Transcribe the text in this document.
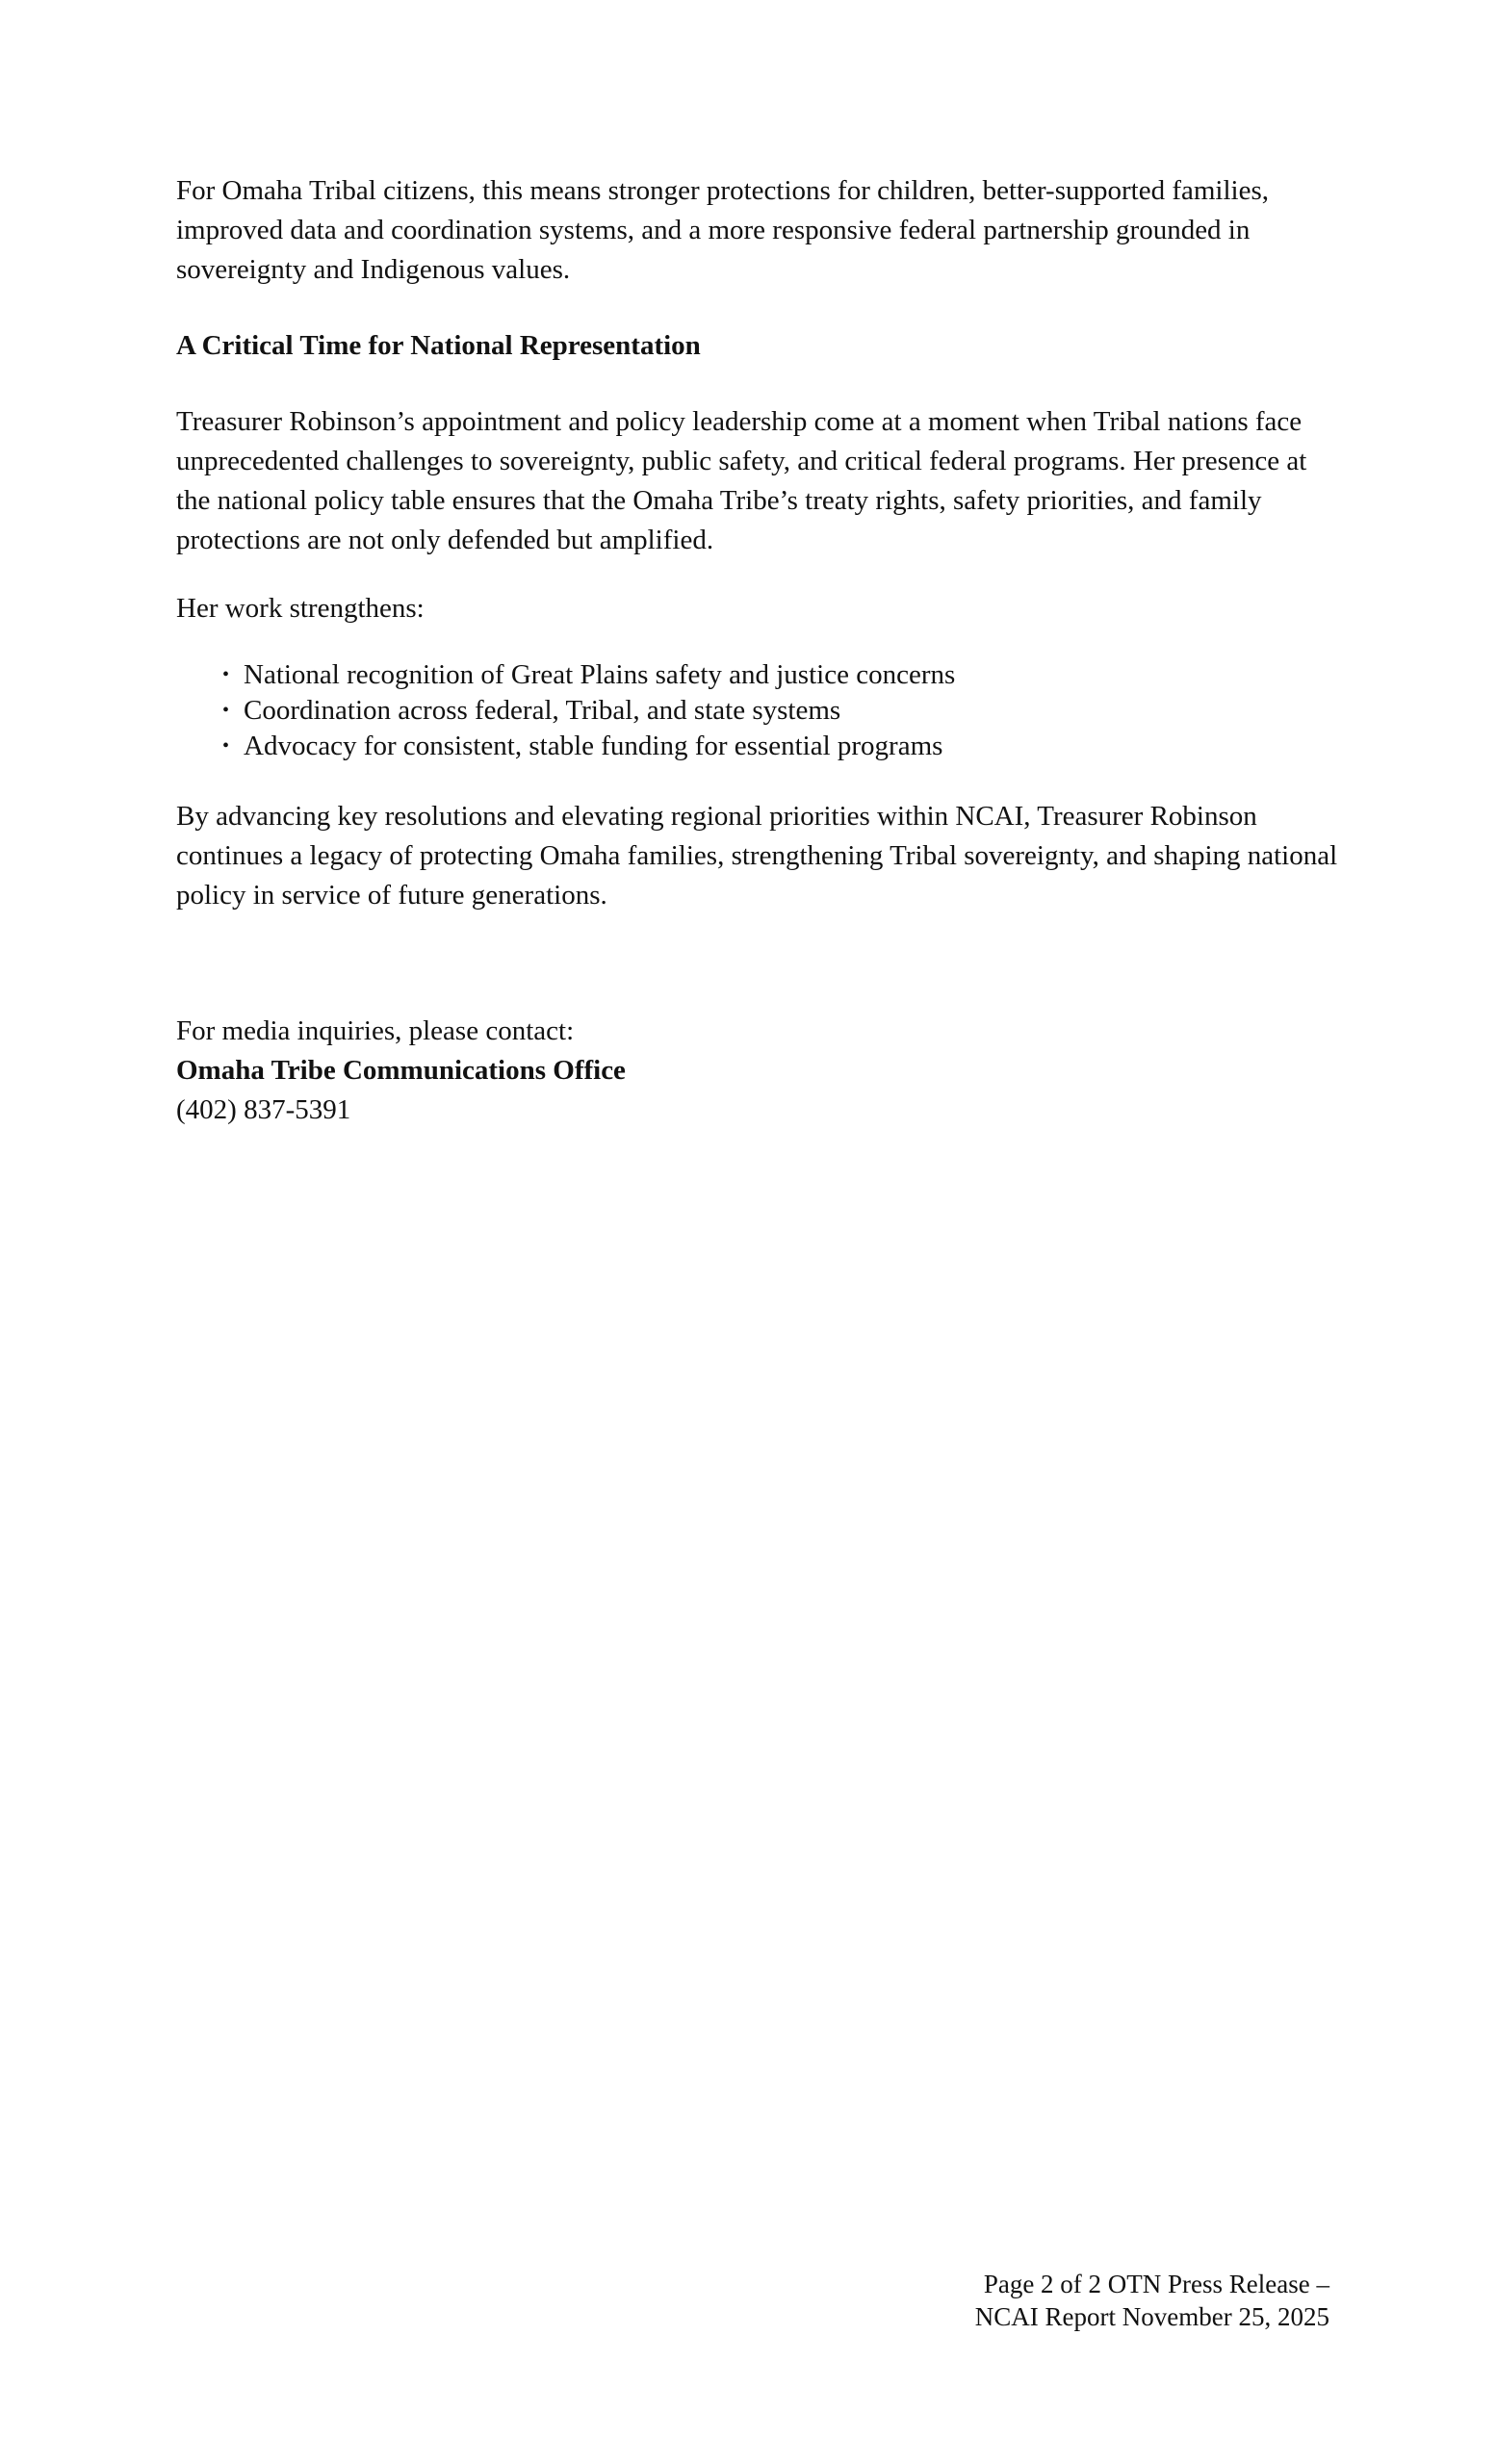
For Omaha Tribal citizens, this means stronger protections for children, better-supported families, improved data and coordination systems, and a more responsive federal partnership grounded in sovereignty and Indigenous values.

A Critical Time for National Representation

Treasurer Robinson’s appointment and policy leadership come at a moment when Tribal nations face unprecedented challenges to sovereignty, public safety, and critical federal programs. Her presence at the national policy table ensures that the Omaha Tribe’s treaty rights, safety priorities, and family protections are not only defended but amplified.

Her work strengthens:

• National recognition of Great Plains safety and justice concerns
• Coordination across federal, Tribal, and state systems
• Advocacy for consistent, stable funding for essential programs

By advancing key resolutions and elevating regional priorities within NCAI, Treasurer Robinson continues a legacy of protecting Omaha families, strengthening Tribal sovereignty, and shaping national policy in service of future generations.

For media inquiries, please contact:
Omaha Tribe Communications Office
(402) 837-5391
Page 2 of 2 OTN Press Release –
NCAI Report November 25, 2025
